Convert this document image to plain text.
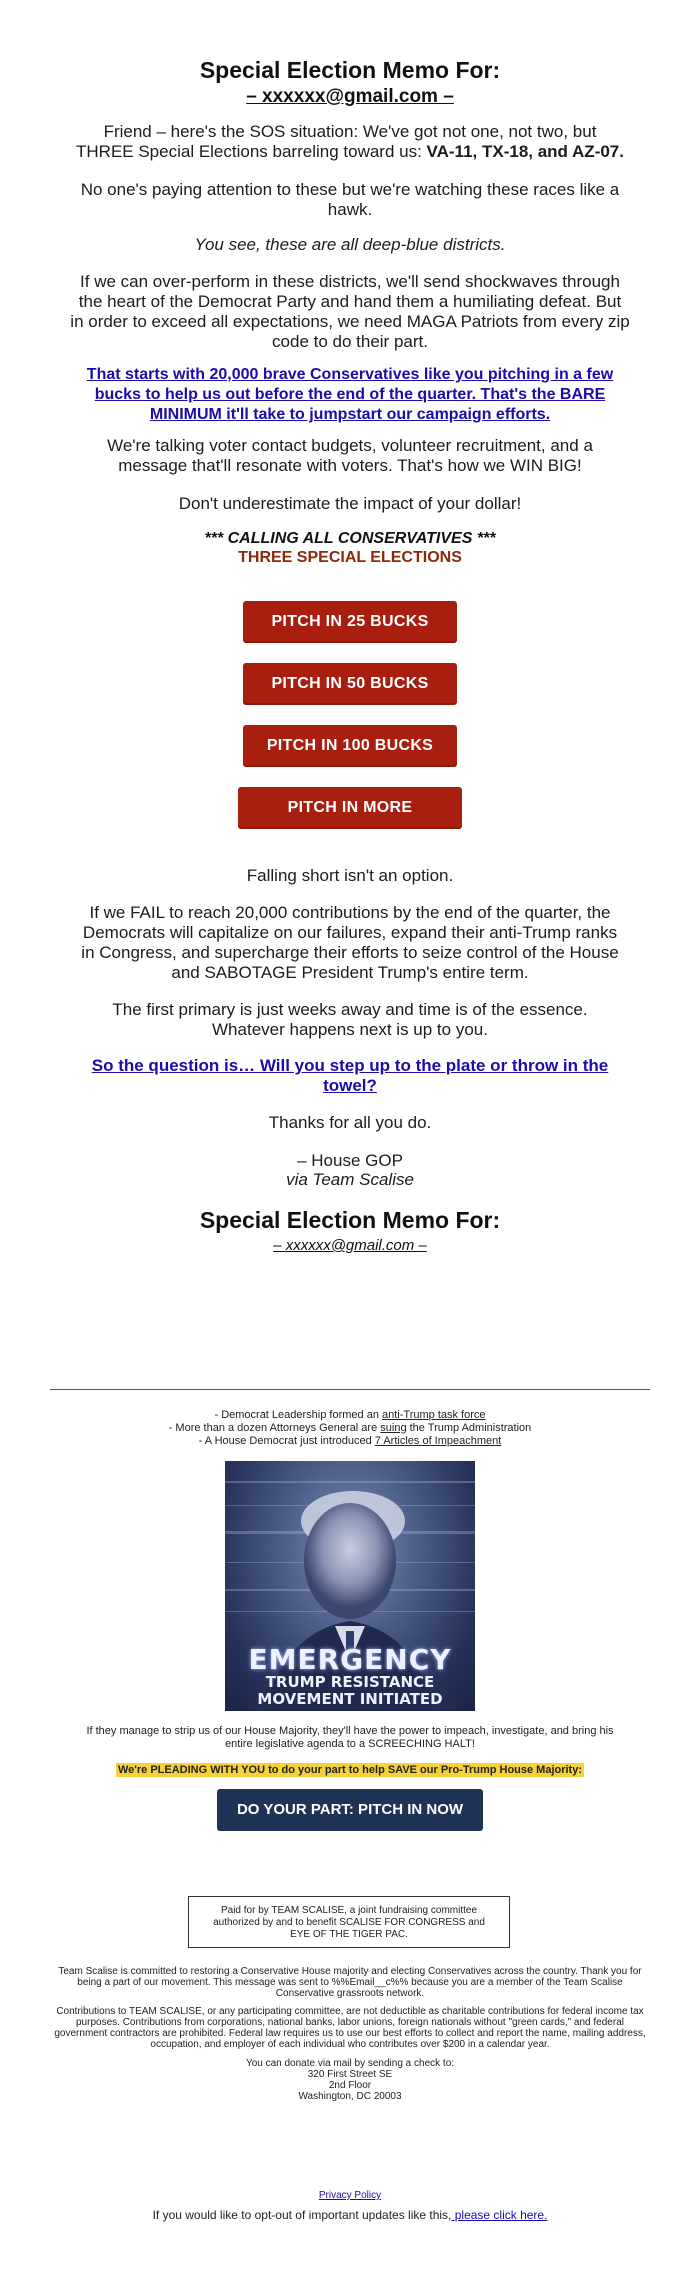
Special Election Memo For:
– xxxxxx@gmail.com –

Friend – here's the SOS situation: We've got not one, not two, but THREE Special Elections barreling toward us: VA-11, TX-18, and AZ-07.

No one's paying attention to these but we're watching these races like a hawk.

You see, these are all deep-blue districts.

If we can over-perform in these districts, we'll send shockwaves through the heart of the Democrat Party and hand them a humiliating defeat. But in order to exceed all expectations, we need MAGA Patriots from every zip code to do their part.

That starts with 20,000 brave Conservatives like you pitching in a few bucks to help us out before the end of the quarter. That's the BARE MINIMUM it'll take to jumpstart our campaign efforts.

We're talking voter contact budgets, volunteer recruitment, and a message that'll resonate with voters. That's how we WIN BIG!

Don't underestimate the impact of your dollar!

*** CALLING ALL CONSERVATIVES ***
THREE SPECIAL ELECTIONS
PITCH IN 25 BUCKS
PITCH IN 50 BUCKS
PITCH IN 100 BUCKS
PITCH IN MORE

Falling short isn't an option.

If we FAIL to reach 20,000 contributions by the end of the quarter, the Democrats will capitalize on our failures, expand their anti-Trump ranks in Congress, and supercharge their efforts to seize control of the House and SABOTAGE President Trump's entire term.

The first primary is just weeks away and time is of the essence. Whatever happens next is up to you.

So the question is… Will you step up to the plate or throw in the towel?

Thanks for all you do.

– House GOP

via Team Scalise

Special Election Memo For:
– xxxxxx@gmail.com –
- Democrat Leadership formed an anti-Trump task force
- More than a dozen Attorneys General are suing the Trump Administration
- A House Democrat just introduced 7 Articles of Impeachment
EMERGENCY
TRUMP RESISTANCE
MOVEMENT INITIATED

If they manage to strip us of our House Majority, they'll have the power to impeach, investigate, and bring his entire legislative agenda to a SCREECHING HALT!

We're PLEADING WITH YOU to do your part to help SAVE our Pro-Trump House Majority:
DO YOUR PART: PITCH IN NOW

Paid for by TEAM SCALISE, a joint fundraising committee authorized by and to benefit SCALISE FOR CONGRESS and EYE OF THE TIGER PAC.

Team Scalise is committed to restoring a Conservative House majority and electing Conservatives across the country. Thank you for being a part of our movement. This message was sent to %%Email__c%% because you are a member of the Team Scalise Conservative grassroots network.

Contributions to TEAM SCALISE, or any participating committee, are not deductible as charitable contributions for federal income tax purposes. Contributions from corporations, national banks, labor unions, foreign nationals without "green cards," and federal government contractors are prohibited. Federal law requires us to use our best efforts to collect and report the name, mailing address, occupation, and employer of each individual who contributes over $200 in a calendar year.

You can donate via mail by sending a check to:
320 First Street SE
2nd Floor
Washington, DC 20003
Privacy Policy
If you would like to opt-out of important updates like this, please click here.
